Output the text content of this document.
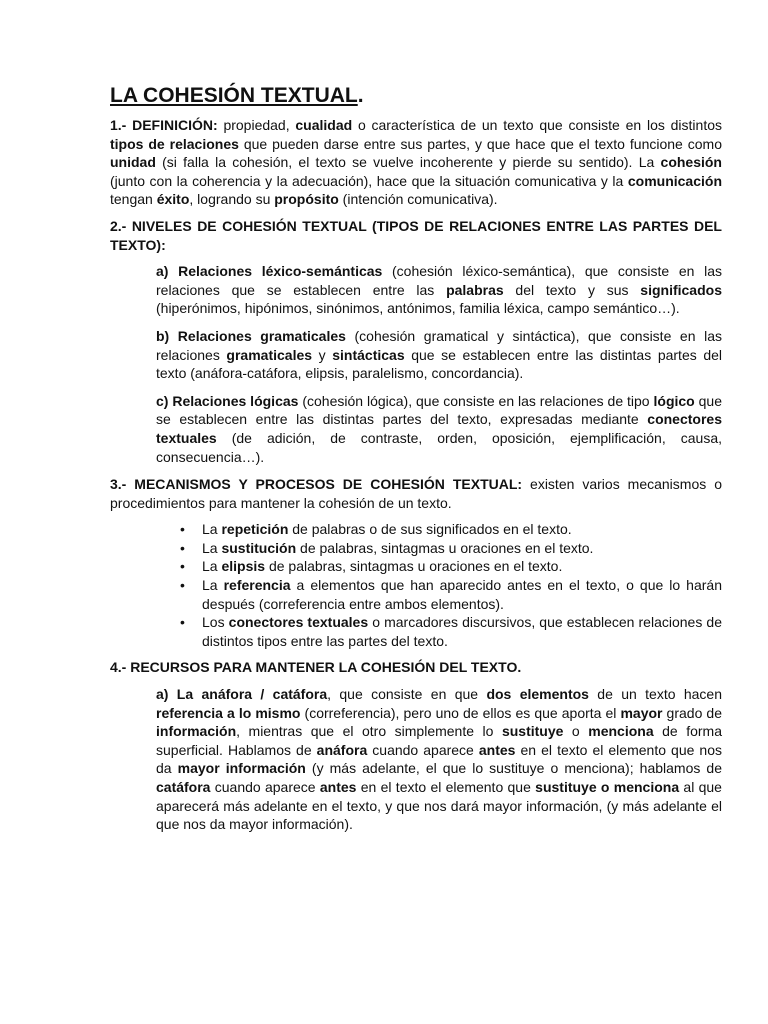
LA COHESIÓN TEXTUAL.

1.- DEFINICIÓN: propiedad, cualidad o característica de un texto que consiste en los distintos tipos de relaciones que pueden darse entre sus partes, y que hace que el texto funcione como unidad (si falla la cohesión, el texto se vuelve incoherente y pierde su sentido). La cohesión (junto con la coherencia y la adecuación), hace que la situación comunicativa y la comunicación tengan éxito, logrando su propósito (intención comunicativa).

2.- NIVELES DE COHESIÓN TEXTUAL (TIPOS DE RELACIONES ENTRE LAS PARTES DEL TEXTO):

a) Relaciones léxico-semánticas (cohesión léxico-semántica), que consiste en las relaciones que se establecen entre las palabras del texto y sus significados (hiperónimos, hipónimos, sinónimos, antónimos, familia léxica, campo semántico…).

b) Relaciones gramaticales (cohesión gramatical y sintáctica), que consiste en las relaciones gramaticales y sintácticas que se establecen entre las distintas partes del texto (anáfora-catáfora, elipsis, paralelismo, concordancia).

c) Relaciones lógicas (cohesión lógica), que consiste en las relaciones de tipo lógico que se establecen entre las distintas partes del texto, expresadas mediante conectores textuales (de adición, de contraste, orden, oposición, ejemplificación, causa, consecuencia…).

3.- MECANISMOS Y PROCESOS DE COHESIÓN TEXTUAL: existen varios mecanismos o procedimientos para mantener la cohesión de un texto.

• La repetición de palabras o de sus significados en el texto.
• La sustitución de palabras, sintagmas u oraciones en el texto.
• La elipsis de palabras, sintagmas u oraciones en el texto.
• La referencia a elementos que han aparecido antes en el texto, o que lo harán después (correferencia entre ambos elementos).
• Los conectores textuales o marcadores discursivos, que establecen relaciones de distintos tipos entre las partes del texto.

4.- RECURSOS PARA MANTENER LA COHESIÓN DEL TEXTO.

a) La anáfora / catáfora, que consiste en que dos elementos de un texto hacen referencia a lo mismo (correferencia), pero uno de ellos es que aporta el mayor grado de información, mientras que el otro simplemente lo sustituye o menciona de forma superficial. Hablamos de anáfora cuando aparece antes en el texto el elemento que nos da mayor información (y más adelante, el que lo sustituye o menciona); hablamos de catáfora cuando aparece antes en el texto el elemento que sustituye o menciona al que aparecerá más adelante en el texto, y que nos dará mayor información, (y más adelante el que nos da mayor información).
